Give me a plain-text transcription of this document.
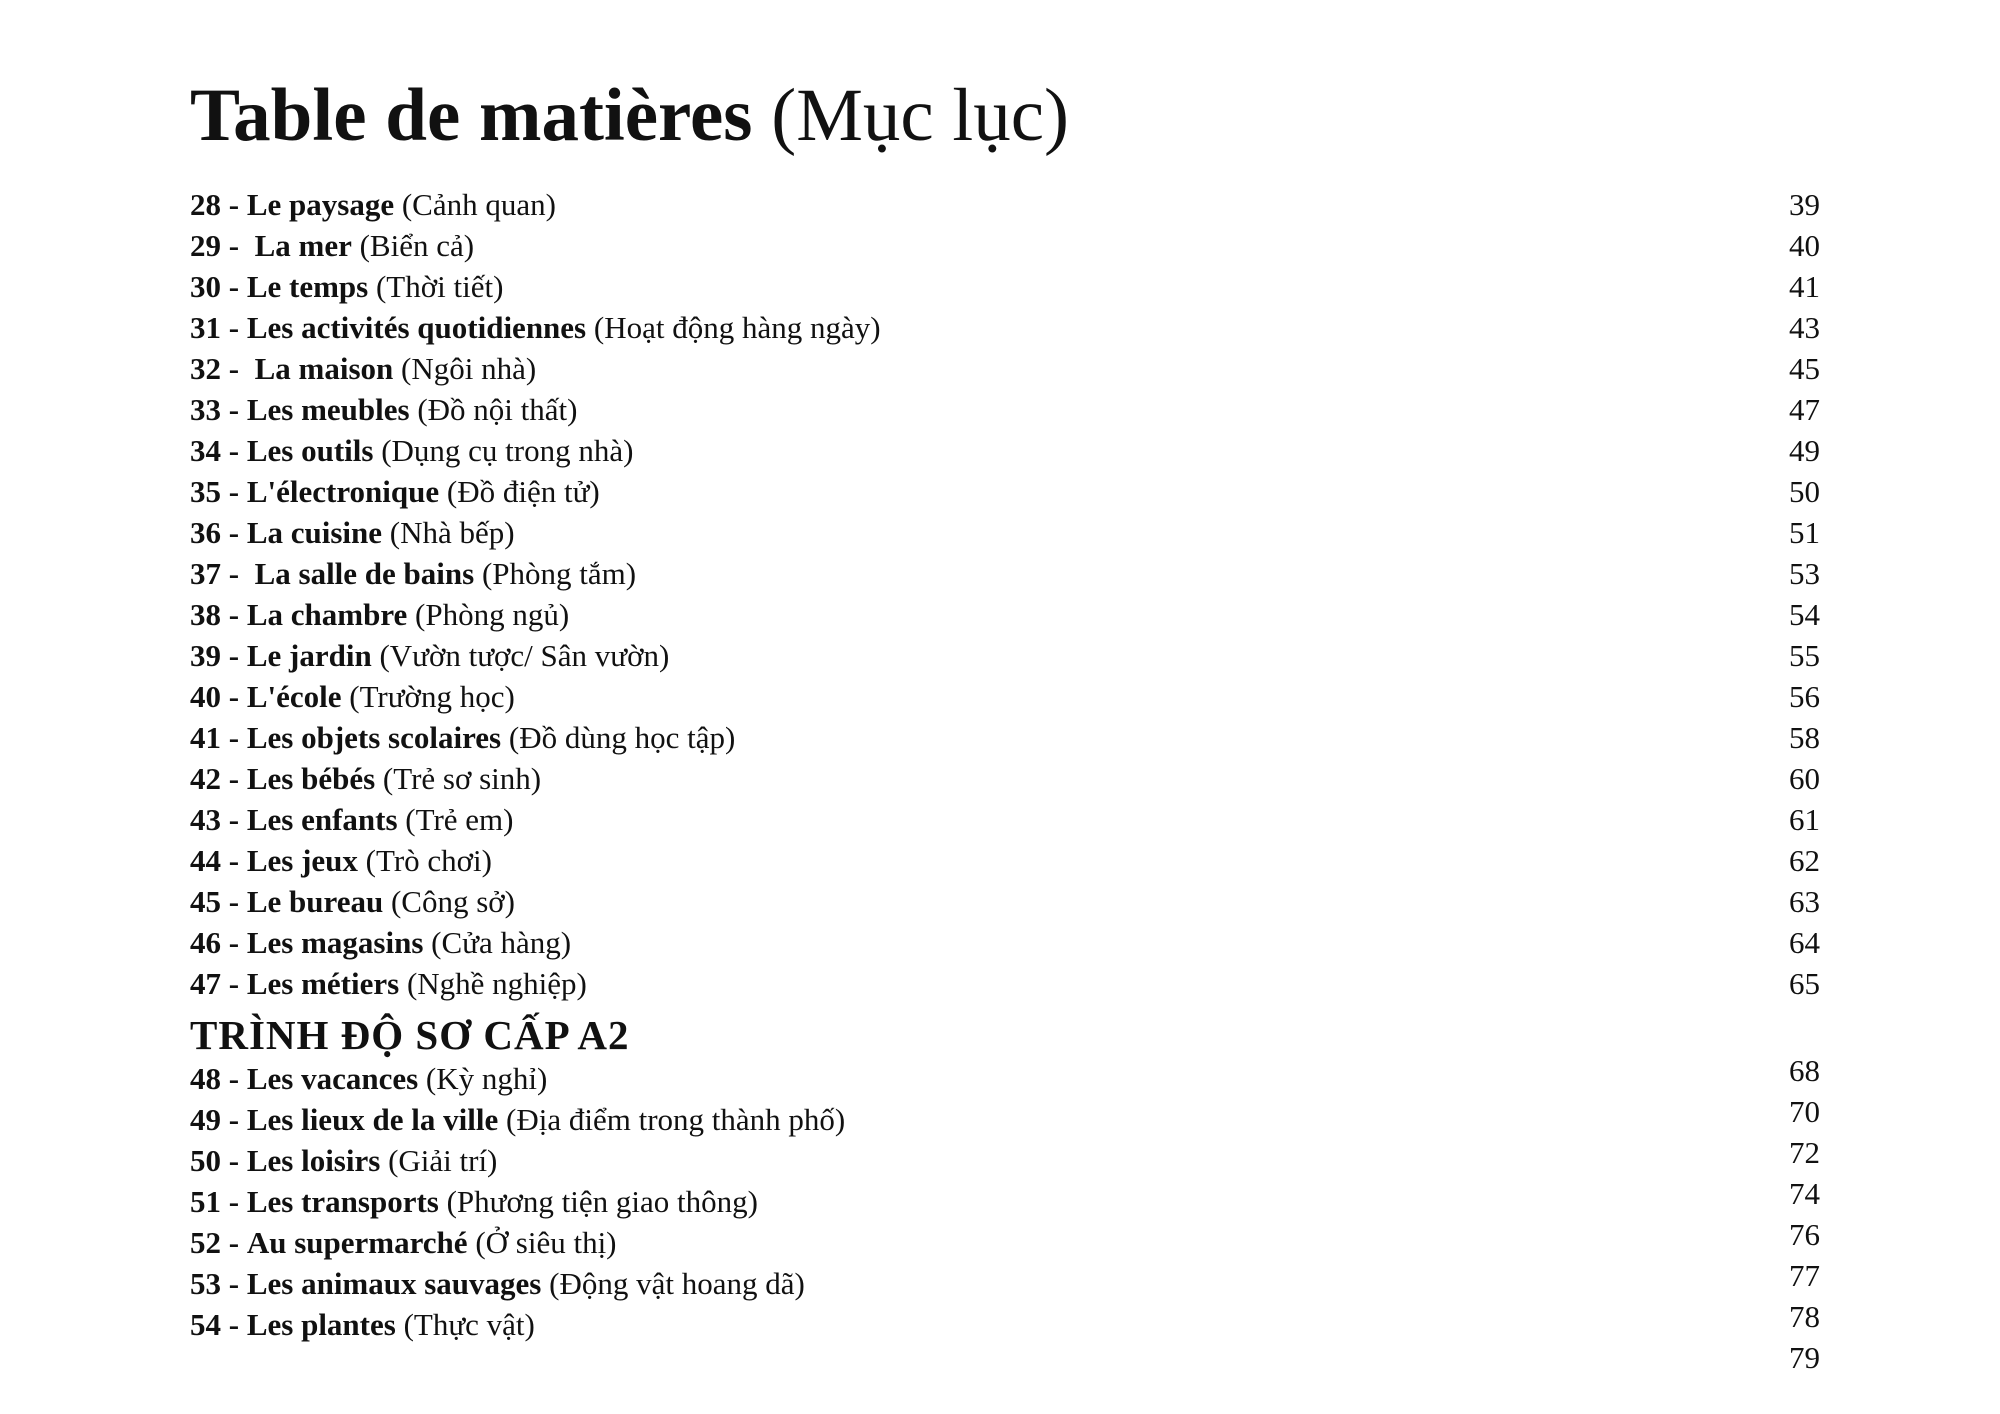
Table de matières (Mục lục)
28 - Le paysage (Cảnh quan)
29 - La mer (Biển cả)
30 - Le temps (Thời tiết)
31 - Les activités quotidiennes (Hoạt động hàng ngày)
32 - La maison (Ngôi nhà)
33 - Les meubles (Đồ nội thất)
34 - Les outils (Dụng cụ trong nhà)
35 - L'électronique (Đồ điện tử)
36 - La cuisine (Nhà bếp)
37 - La salle de bains (Phòng tắm)
38 - La chambre (Phòng ngủ)
39 - Le jardin (Vườn tược/ Sân vườn)
40 - L'école (Trường học)
41 - Les objets scolaires (Đồ dùng học tập)
42 - Les bébés (Trẻ sơ sinh)
43 - Les enfants (Trẻ em)
44 - Les jeux (Trò chơi)
45 - Le bureau (Công sở)
46 - Les magasins (Cửa hàng)
47 - Les métiers (Nghề nghiệp)
TRÌNH ĐỘ SƠ CẤP A2
48 - Les vacances (Kỳ nghỉ)
49 - Les lieux de la ville (Địa điểm trong thành phố)
50 - Les loisirs (Giải trí)
51 - Les transports (Phương tiện giao thông)
52 - Au supermarché (Ở siêu thị)
53 - Les animaux sauvages (Động vật hoang dã)
54 - Les plantes (Thực vật)
39
40
41
43
45
47
49
50
51
53
54
55
56
58
60
61
62
63
64
65
68
70
72
74
76
77
78
79
